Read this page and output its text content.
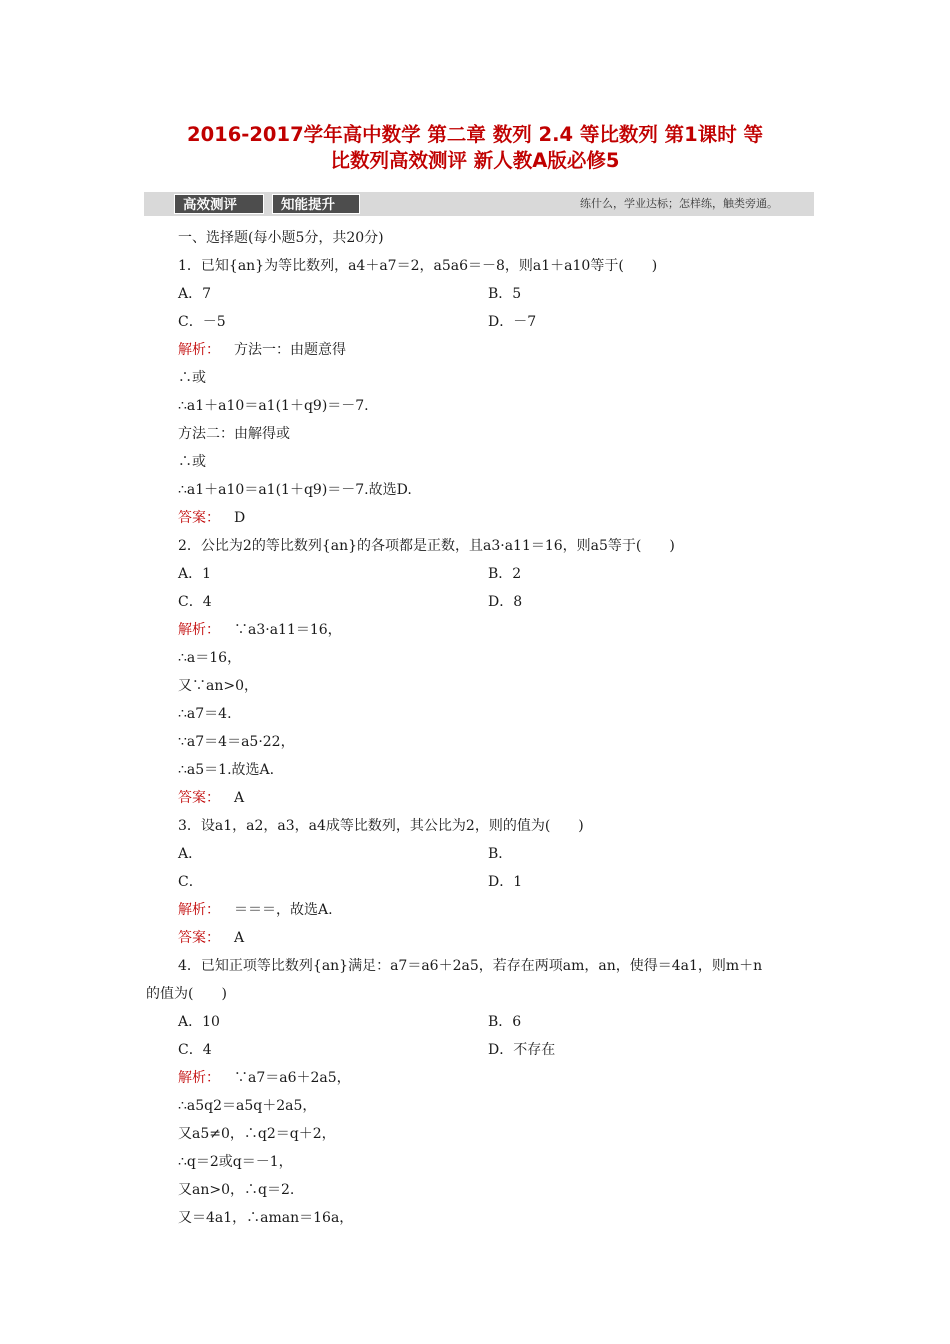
2016-2017学年高中数学 第二章 数列 2.4 等比数列 第1课时 等
比数列高效测评 新人教A版必修5
高效测评	知能提升	练什么，学业达标；怎样练，触类旁通。
一、选择题(每小题5分，共20分)
1．已知{an}为等比数列，a4＋a7＝2，a5a6＝－8，则a1＋a10等于(　　)
A．7	B．5
C．－5	D．－7
解析：  方法一：由题意得
∴或
∴a1＋a10＝a1(1＋q9)＝－7.
方法二：由解得或
∴或
∴a1＋a10＝a1(1＋q9)＝－7.故选D.
答案：  D
2．公比为2的等比数列{an}的各项都是正数，且a3·a11＝16，则a5等于(　　)
A．1	B．2
C．4	D．8
解析：  ∵a3·a11＝16，
∴a＝16，
又∵an>0，
∴a7＝4.
∵a7＝4＝a5·22，
∴a5＝1.故选A.
答案：  A
3．设a1，a2，a3，a4成等比数列，其公比为2，则的值为(　　)
A．	B．
C．	D．1
解析：  ＝＝＝，故选A.
答案：  A
4．已知正项等比数列{an}满足：a7＝a6＋2a5，若存在两项am，an，使得＝4a1，则m＋n
的值为(　　)
A．10	B．6
C．4	D．不存在
解析：  ∵a7＝a6＋2a5，
∴a5q2＝a5q＋2a5，
又a5≠0，∴q2＝q＋2，
∴q＝2或q＝－1，
又an>0，∴q＝2.
又＝4a1，∴aman＝16a，
